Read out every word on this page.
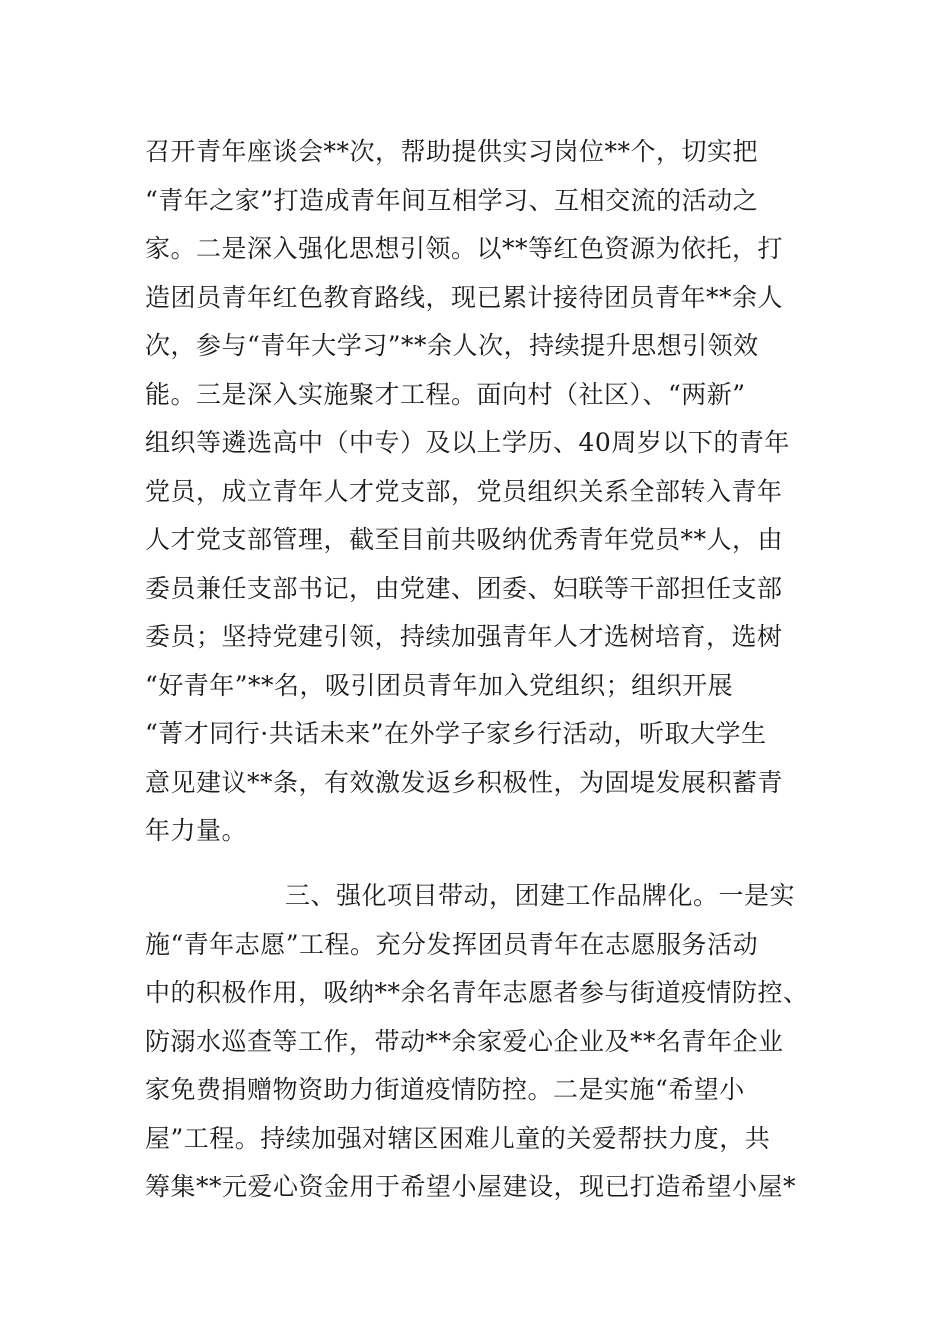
召开青年座谈会**次，帮助提供实习岗位**个，切实把
“青年之家”打造成青年间互相学习、互相交流的活动之
家。二是深入强化思想引领。以**等红色资源为依托，打
造团员青年红色教育路线，现已累计接待团员青年**余人
次，参与“青年大学习”**余人次，持续提升思想引领效
能。三是深入实施聚才工程。面向村（社区）、“两新”
组织等遴选高中（中专）及以上学历、40周岁以下的青年
党员，成立青年人才党支部，党员组织关系全部转入青年
人才党支部管理，截至目前共吸纳优秀青年党员**人，由
委员兼任支部书记，由党建、团委、妇联等干部担任支部
委员；坚持党建引领，持续加强青年人才选树培育，选树
“好青年”**名，吸引团员青年加入党组织；组织开展
“菁才同行·共话未来”在外学子家乡行活动，听取大学生
意见建议**条，有效激发返乡积极性，为固堤发展积蓄青
年力量。
三、强化项目带动，团建工作品牌化。一是实
施“青年志愿”工程。充分发挥团员青年在志愿服务活动
中的积极作用，吸纳**余名青年志愿者参与街道疫情防控、
防溺水巡查等工作，带动**余家爱心企业及**名青年企业
家免费捐赠物资助力街道疫情防控。二是实施“希望小
屋”工程。持续加强对辖区困难儿童的关爱帮扶力度，共
筹集**元爱心资金用于希望小屋建设，现已打造希望小屋*
